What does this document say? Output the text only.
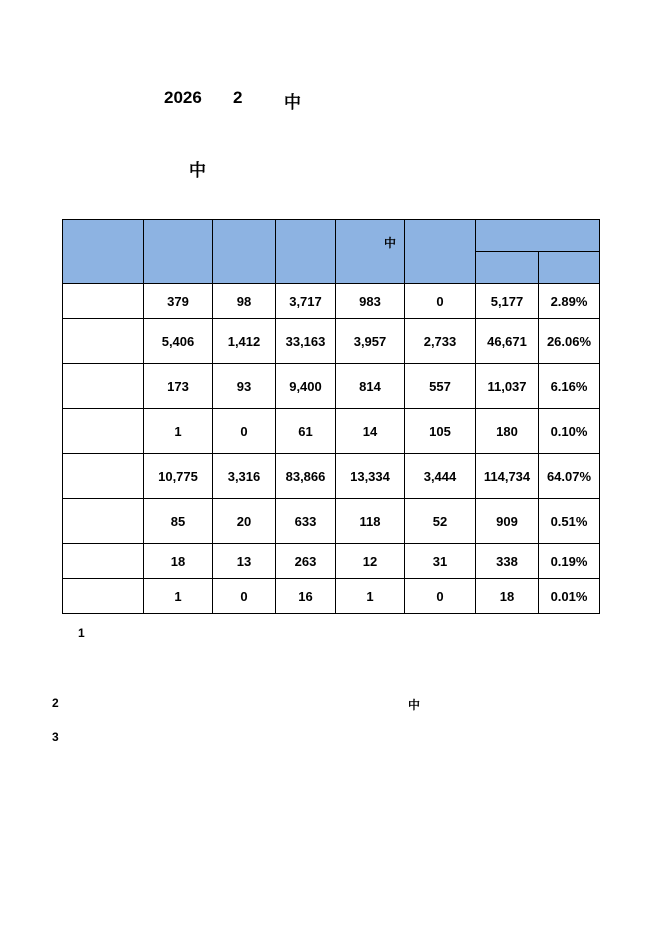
2026 2 中
中

				中			

	379	98	3,717	983	0	5,177	2.89%
	5,406	1,412	33,163	3,957	2,733	46,671	26.06%
	173	93	9,400	814	557	11,037	6.16%
	1	0	61	14	105	180	0.10%
	10,775	3,316	83,866	13,334	3,444	114,734	64.07%
	85	20	633	118	52	909	0.51%
	18	13	263	12	31	338	0.19%
	1	0	16	1	0	18	0.01%
1
2	中
3
